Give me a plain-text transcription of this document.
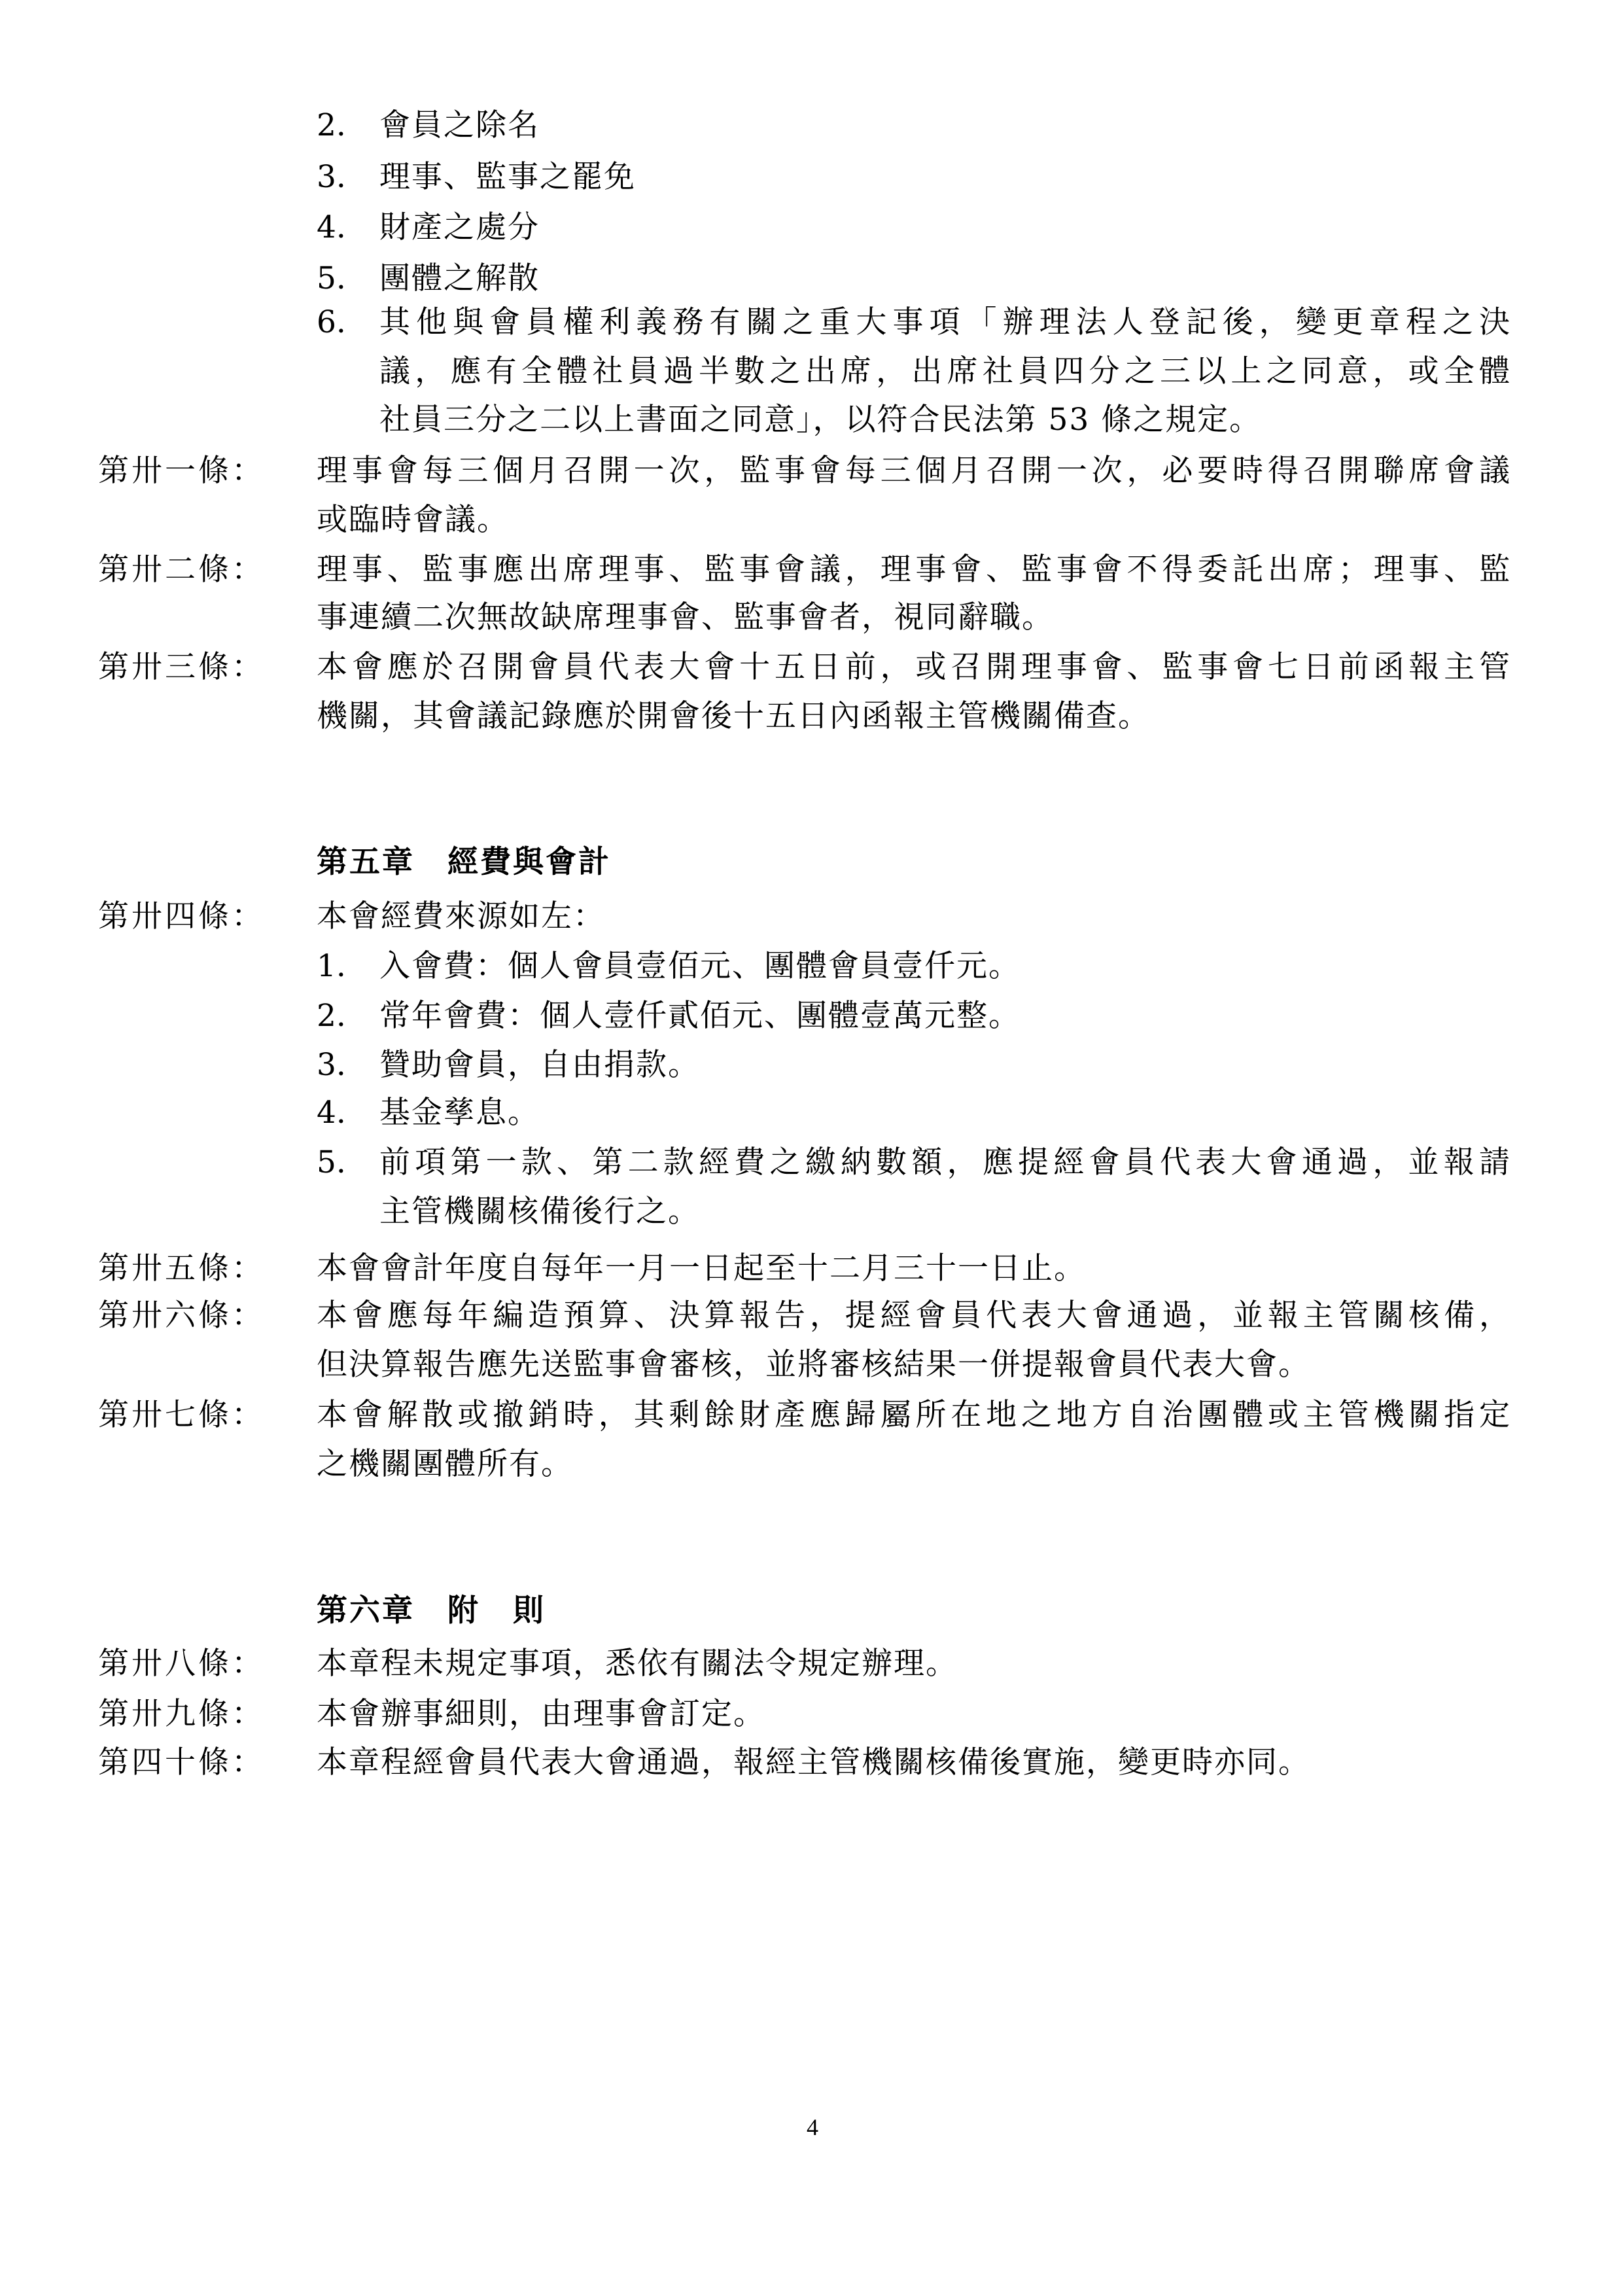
2. 會員之除名
3. 理事、監事之罷免
4. 財產之處分
5. 團體之解散
6. 其他與會員權利義務有關之重大事項「辦理法人登記後，變更章程之決
議，應有全體社員過半數之出席，出席社員四分之三以上之同意，或全體
社員三分之二以上書面之同意」，以符合民法第 53 條之規定。
第卅一條： 理事會每三個月召開一次，監事會每三個月召開一次，必要時得召開聯席會議
或臨時會議。
第卅二條： 理事、監事應出席理事、監事會議，理事會、監事會不得委託出席；理事、監
事連續二次無故缺席理事會、監事會者，視同辭職。
第卅三條： 本會應於召開會員代表大會十五日前，或召開理事會、監事會七日前函報主管
機關，其會議記錄應於開會後十五日內函報主管機關備查。
第五章 經費與會計
第卅四條： 本會經費來源如左：
1. 入會費：個人會員壹佰元、團體會員壹仟元。
2. 常年會費：個人壹仟貳佰元、團體壹萬元整。
3. 贊助會員，自由捐款。
4. 基金孳息。
5. 前項第一款、第二款經費之繳納數額，應提經會員代表大會通過，並報請
主管機關核備後行之。
第卅五條： 本會會計年度自每年一月一日起至十二月三十一日止。
第卅六條： 本會應每年編造預算、決算報告，提經會員代表大會通過，並報主管關核備，
但決算報告應先送監事會審核，並將審核結果一併提報會員代表大會。
第卅七條： 本會解散或撤銷時，其剩餘財產應歸屬所在地之地方自治團體或主管機關指定
之機關團體所有。
第六章 附　則
第卅八條： 本章程未規定事項，悉依有關法令規定辦理。
第卅九條： 本會辦事細則，由理事會訂定。
第四十條： 本章程經會員代表大會通過，報經主管機關核備後實施，變更時亦同。
4
